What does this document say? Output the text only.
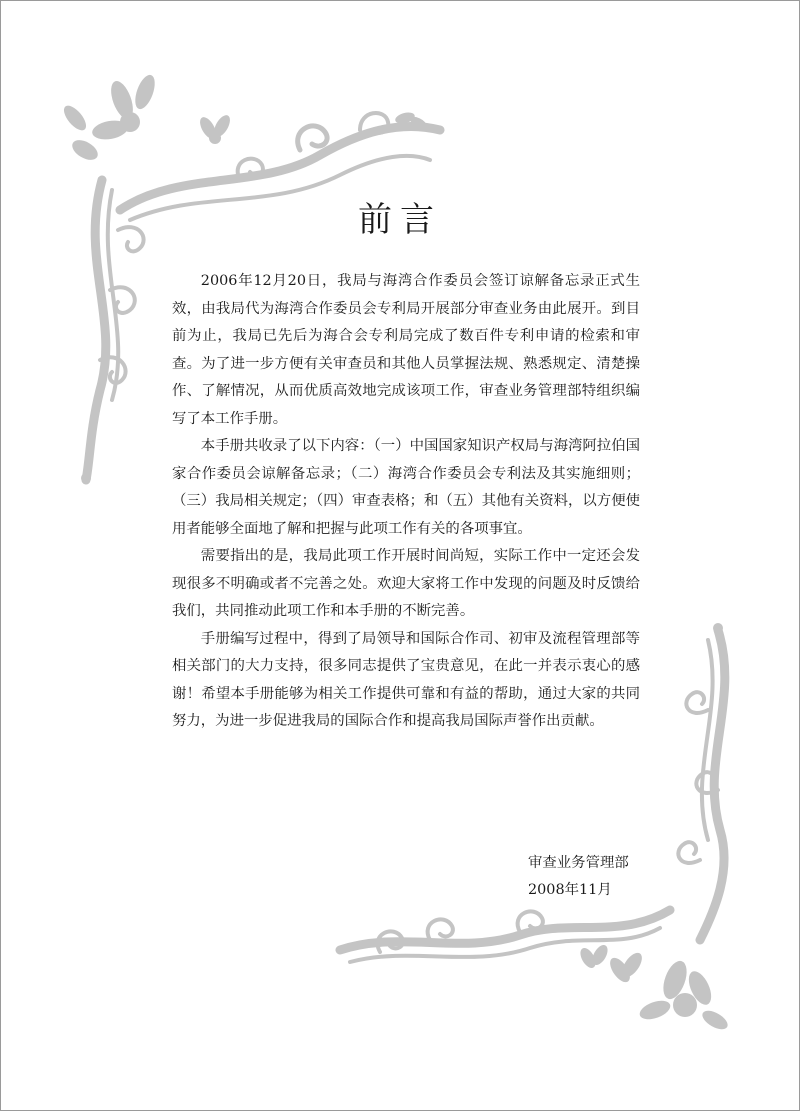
前言

2006年12月20日，我局与海湾合作委员会签订谅解备忘录正式生效，由我局代为海湾合作委员会专利局开展部分审查业务由此展开。到目前为止，我局已先后为海合会专利局完成了数百件专利申请的检索和审查。为了进一步方便有关审查员和其他人员掌握法规、熟悉规定、清楚操作、了解情况，从而优质高效地完成该项工作，审查业务管理部特组织编写了本工作手册。

本手册共收录了以下内容：（一）中国国家知识产权局与海湾阿拉伯国家合作委员会谅解备忘录；（二）海湾合作委员会专利法及其实施细则；（三）我局相关规定；（四）审查表格；和（五）其他有关资料，以方便使用者能够全面地了解和把握与此项工作有关的各项事宜。

需要指出的是，我局此项工作开展时间尚短，实际工作中一定还会发现很多不明确或者不完善之处。欢迎大家将工作中发现的问题及时反馈给我们，共同推动此项工作和本手册的不断完善。

手册编写过程中，得到了局领导和国际合作司、初审及流程管理部等相关部门的大力支持，很多同志提供了宝贵意见，在此一并表示衷心的感谢！希望本手册能够为相关工作提供可靠和有益的帮助，通过大家的共同努力，为进一步促进我局的国际合作和提高我局国际声誉作出贡献。

审查业务管理部
2008年11月
